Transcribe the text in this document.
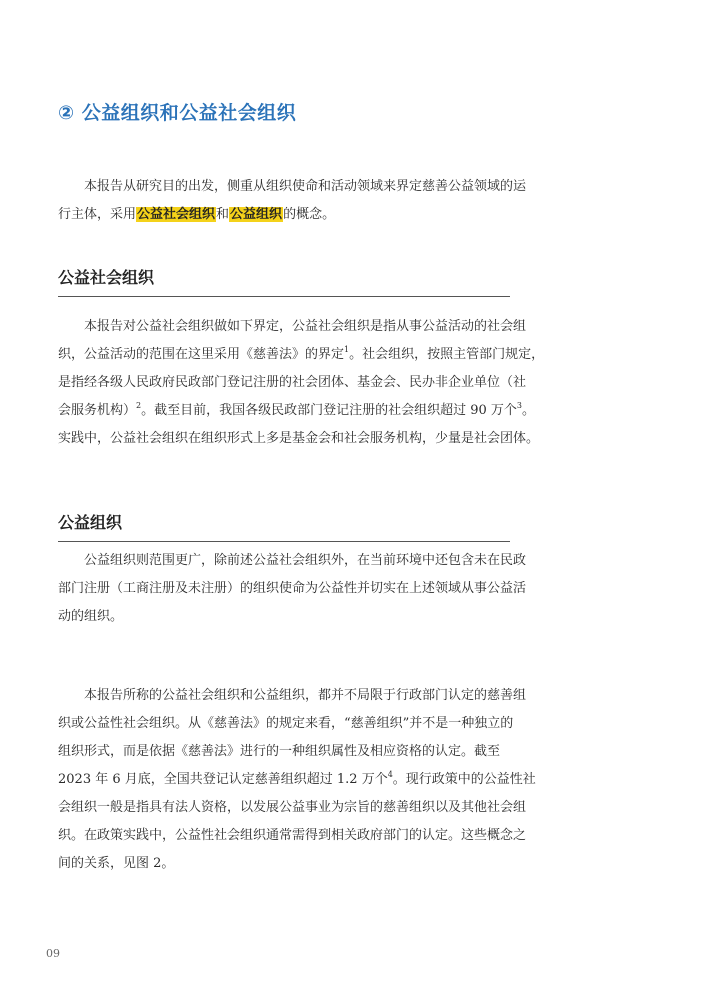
② 公益组织和公益社会组织
本报告从研究目的出发，侧重从组织使命和活动领域来界定慈善公益领域的运
行主体，采用公益社会组织和公益组织的概念。
公益社会组织
本报告对公益社会组织做如下界定，公益社会组织是指从事公益活动的社会组
织，公益活动的范围在这里采用《慈善法》的界定$^1$。社会组织，按照主管部门规定，
是指经各级人民政府民政部门登记注册的社会团体、基金会、民办非企业单位（社
会服务机构）$^2$。截至目前，我国各级民政部门登记注册的社会组织超过 90 万个$^3$。
实践中，公益社会组织在组织形式上多是基金会和社会服务机构，少量是社会团体。
公益组织
公益组织则范围更广，除前述公益社会组织外，在当前环境中还包含未在民政
部门注册（工商注册及未注册）的组织使命为公益性并切实在上述领域从事公益活
动的组织。
本报告所称的公益社会组织和公益组织，都并不局限于行政部门认定的慈善组
织或公益性社会组织。从《慈善法》的规定来看，“慈善组织”并不是一种独立的
组织形式，而是依据《慈善法》进行的一种组织属性及相应资格的认定。截至
2023 年 6 月底，全国共登记认定慈善组织超过 1.2 万个$^4$。现行政策中的公益性社
会组织一般是指具有法人资格，以发展公益事业为宗旨的慈善组织以及其他社会组
织。在政策实践中，公益性社会组织通常需得到相关政府部门的认定。这些概念之
间的关系，见图 2。
09
